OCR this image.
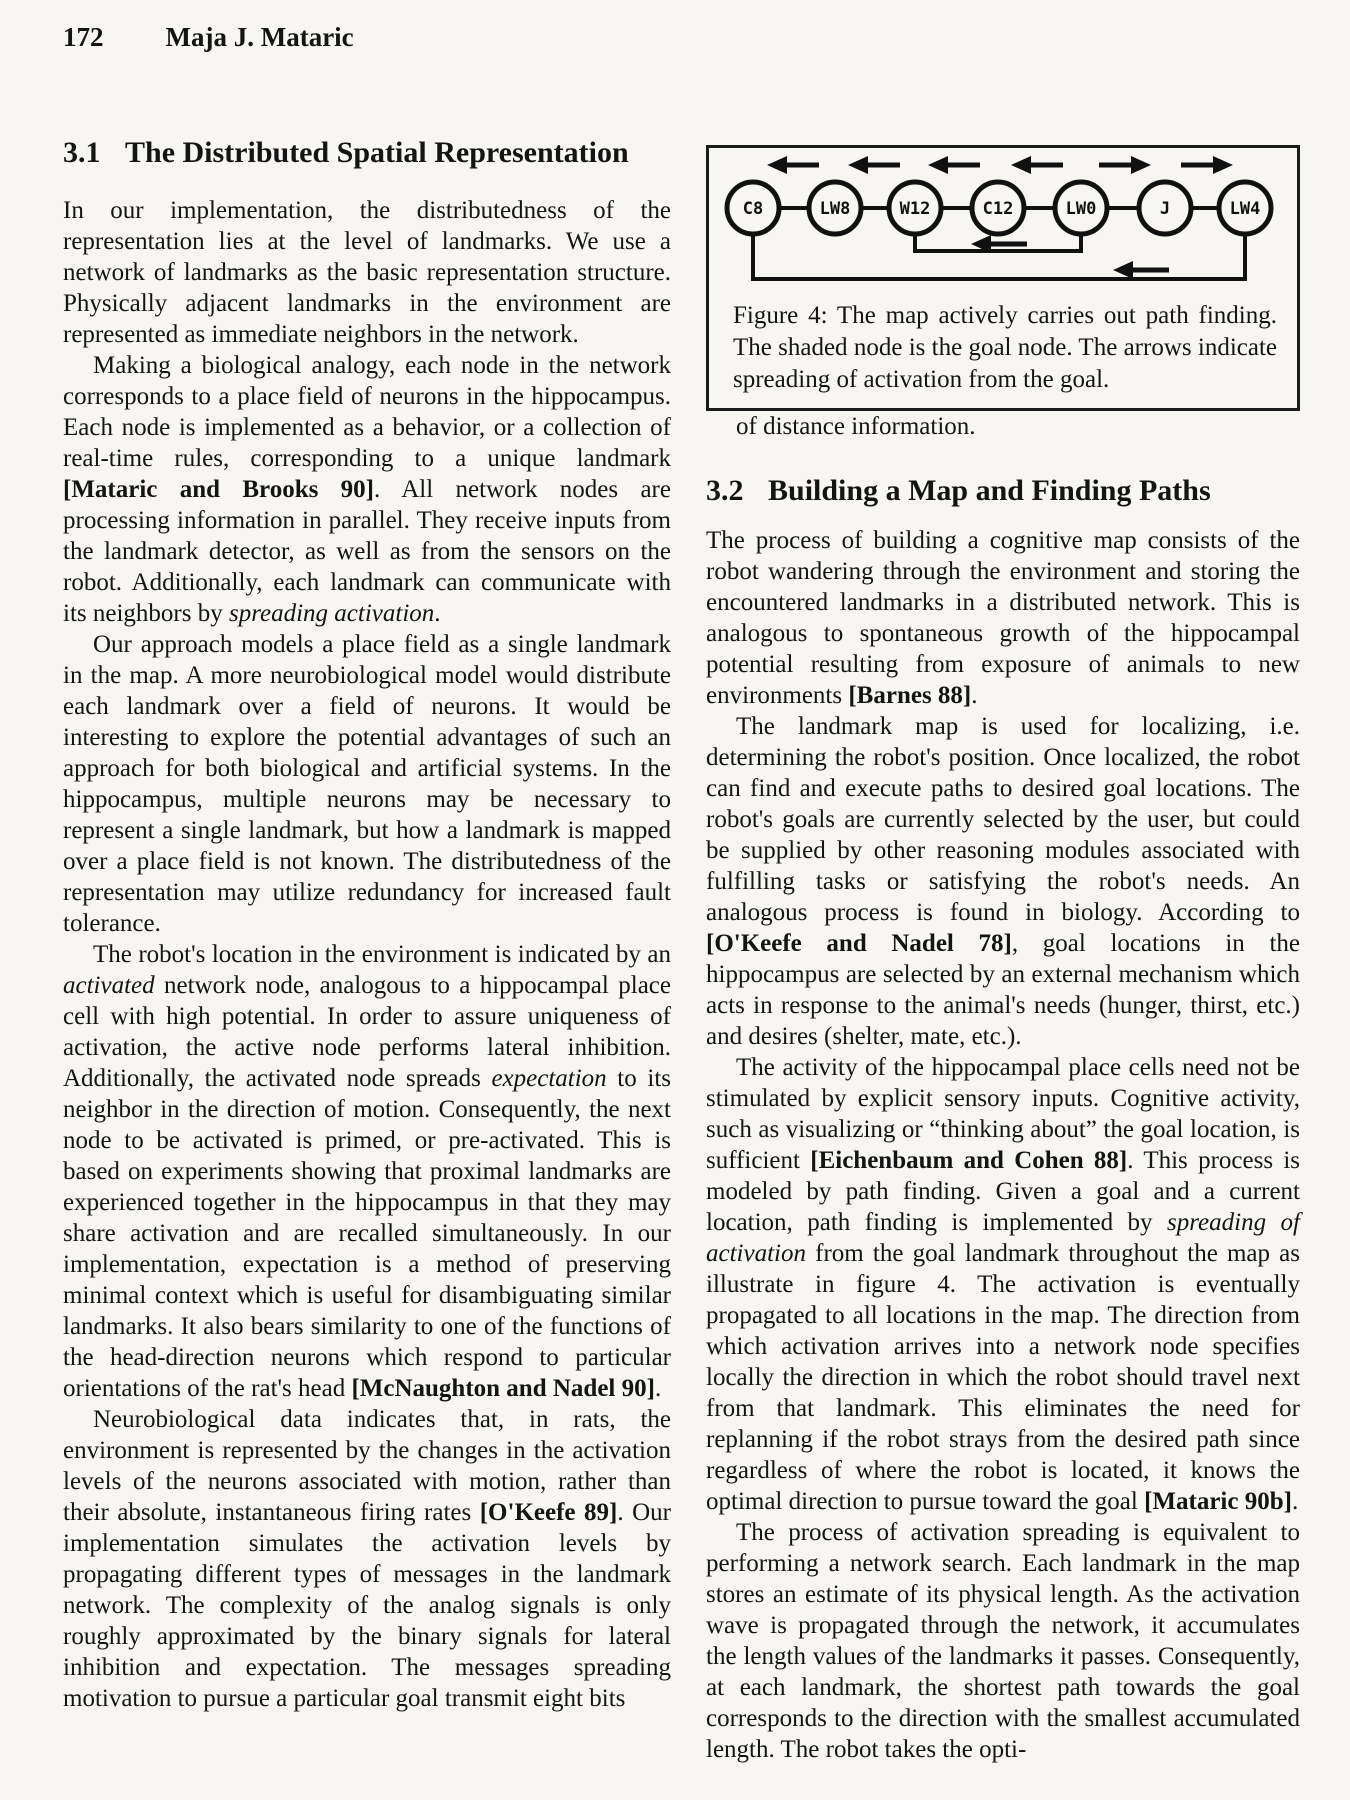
172 Maja J. Mataric
3.1 The Distributed Spatial Representation

In our implementation, the distributedness of the representation lies at the level of landmarks. We use a network of landmarks as the basic representation structure. Physically adjacent landmarks in the environment are represented as immediate neighbors in the network.

Making a biological analogy, each node in the network corresponds to a place field of neurons in the hippocampus. Each node is implemented as a behavior, or a collection of real-time rules, corresponding to a unique landmark [Mataric and Brooks 90]. All network nodes are processing information in parallel. They receive inputs from the landmark detector, as well as from the sensors on the robot. Additionally, each landmark can communicate with its neighbors by spreading activation.

Our approach models a place field as a single landmark in the map. A more neurobiological model would distribute each landmark over a field of neurons. It would be interesting to explore the potential advantages of such an approach for both biological and artificial systems. In the hippocampus, multiple neurons may be necessary to represent a single landmark, but how a landmark is mapped over a place field is not known. The distributedness of the representation may utilize redundancy for increased fault tolerance.

The robot's location in the environment is indicated by an activated network node, analogous to a hippocampal place cell with high potential. In order to assure uniqueness of activation, the active node performs lateral inhibition. Additionally, the activated node spreads expectation to its neighbor in the direction of motion. Consequently, the next node to be activated is primed, or pre-activated. This is based on experiments showing that proximal landmarks are experienced together in the hippocampus in that they may share activation and are recalled simultaneously. In our implementation, expectation is a method of preserving minimal context which is useful for disambiguating similar landmarks. It also bears similarity to one of the functions of the head-direction neurons which respond to particular orientations of the rat's head [McNaughton and Nadel 90].

Neurobiological data indicates that, in rats, the environment is represented by the changes in the activation levels of the neurons associated with motion, rather than their absolute, instantaneous firing rates [O'Keefe 89]. Our implementation simulates the activation levels by propagating different types of messages in the landmark network. The complexity of the analog signals is only roughly approximated by the binary signals for lateral inhibition and expectation. The messages spreading motivation to pursue a particular goal transmit eight bits

C8	LW8	W12	C12	LW0	J	LW4
Figure 4: The map actively carries out path finding. The shaded node is the goal node. The arrows indicate spreading of activation from the goal.

of distance information.

3.2 Building a Map and Finding Paths

The process of building a cognitive map consists of the robot wandering through the environment and storing the encountered landmarks in a distributed network. This is analogous to spontaneous growth of the hippocampal potential resulting from exposure of animals to new environments [Barnes 88].

The landmark map is used for localizing, i.e. determining the robot's position. Once localized, the robot can find and execute paths to desired goal locations. The robot's goals are currently selected by the user, but could be supplied by other reasoning modules associated with fulfilling tasks or satisfying the robot's needs. An analogous process is found in biology. According to [O'Keefe and Nadel 78], goal locations in the hippocampus are selected by an external mechanism which acts in response to the animal's needs (hunger, thirst, etc.) and desires (shelter, mate, etc.).

The activity of the hippocampal place cells need not be stimulated by explicit sensory inputs. Cognitive activity, such as visualizing or “thinking about” the goal location, is sufficient [Eichenbaum and Cohen 88]. This process is modeled by path finding. Given a goal and a current location, path finding is implemented by spreading of activation from the goal landmark throughout the map as illustrate in figure 4. The activation is eventually propagated to all locations in the map. The direction from which activation arrives into a network node specifies locally the direction in which the robot should travel next from that landmark. This eliminates the need for replanning if the robot strays from the desired path since regardless of where the robot is located, it knows the optimal direction to pursue toward the goal [Mataric 90b].

The process of activation spreading is equivalent to performing a network search. Each landmark in the map stores an estimate of its physical length. As the activation wave is propagated through the network, it accumulates the length values of the landmarks it passes. Consequently, at each landmark, the shortest path towards the goal corresponds to the direction with the smallest accumulated length. The robot takes the opti-
